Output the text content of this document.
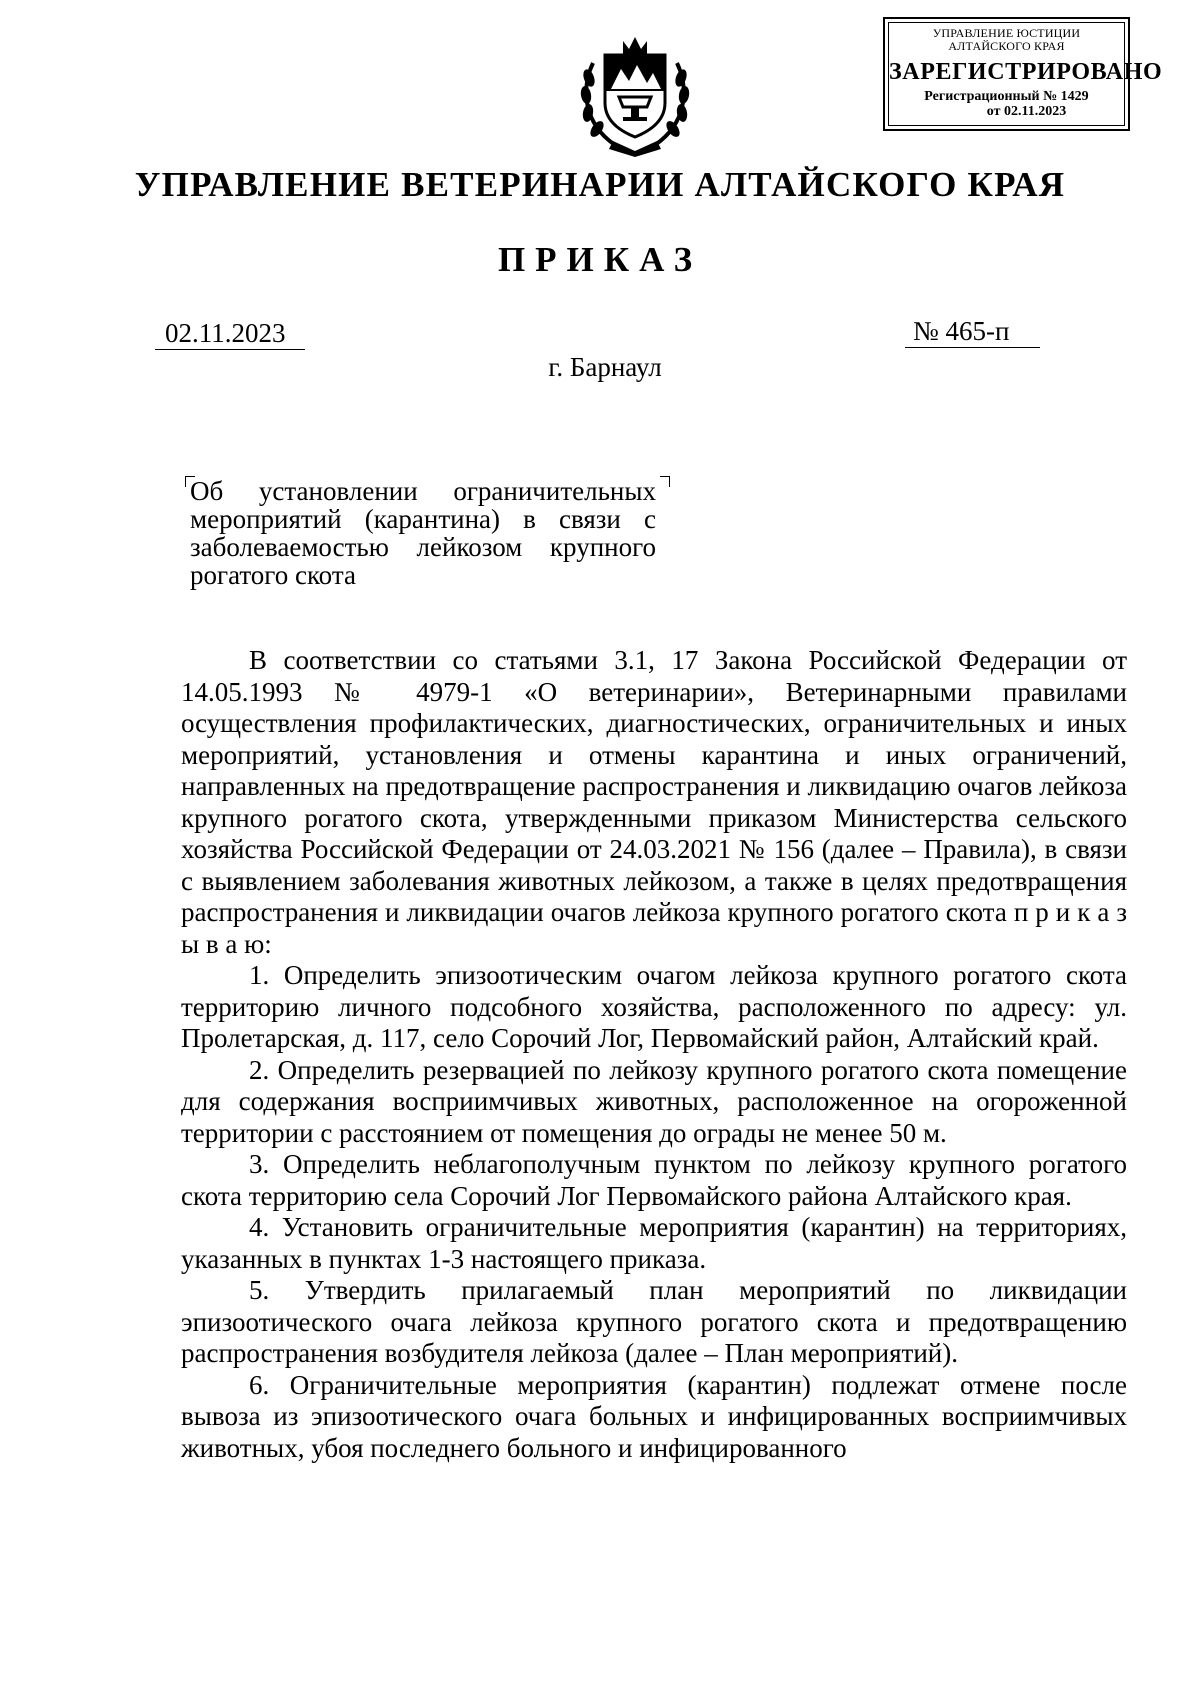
УПРАВЛЕНИЕ ЮСТИЦИИ
АЛТАЙСКОГО КРАЯ
ЗАРЕГИСТРИРОВАНО
Регистрационный № 1429
от 02.11.2023
УПРАВЛЕНИЕ ВЕТЕРИНАРИИ АЛТАЙСКОГО КРАЯ
ПРИКАЗ
02.11.2023	№ 465-п
г. Барнаул
Об установлении ограничительных мероприятий (карантина) в связи с заболеваемостью лейкозом крупного рогатого скота

В соответствии со статьями 3.1, 17 Закона Российской Федерации от 14.05.1993 № 4979-1 «О ветеринарии», Ветеринарными правилами осуществления профилактических, диагностических, ограничительных и иных мероприятий, установления и отмены карантина и иных ограничений, направленных на предотвращение распространения и ликвидацию очагов лейкоза крупного рогатого скота, утвержденными приказом Министерства сельского хозяйства Российской Федерации от 24.03.2021 № 156 (далее – Правила), в связи с выявлением заболевания животных лейкозом, а также в целях предотвращения распространения и ликвидации очагов лейкоза крупного рогатого скота п р и к а з ы в а ю:

1. Определить эпизоотическим очагом лейкоза крупного рогатого скота территорию личного подсобного хозяйства, расположенного по адресу: ул. Пролетарская, д. 117, село Сорочий Лог, Первомайский район, Алтайский край.

2. Определить резервацией по лейкозу крупного рогатого скота помещение для содержания восприимчивых животных, расположенное на огороженной территории с расстоянием от помещения до ограды не менее 50 м.

3. Определить неблагополучным пунктом по лейкозу крупного рогатого скота территорию села Сорочий Лог Первомайского района Алтайского края.

4. Установить ограничительные мероприятия (карантин) на территориях, указанных в пунктах 1-3 настоящего приказа.

5. Утвердить прилагаемый план мероприятий по ликвидации эпизоотического очага лейкоза крупного рогатого скота и предотвращению распространения возбудителя лейкоза (далее – План мероприятий).

6. Ограничительные мероприятия (карантин) подлежат отмене после вывоза из эпизоотического очага больных и инфицированных восприимчивых животных, убоя последнего больного и инфицированного
